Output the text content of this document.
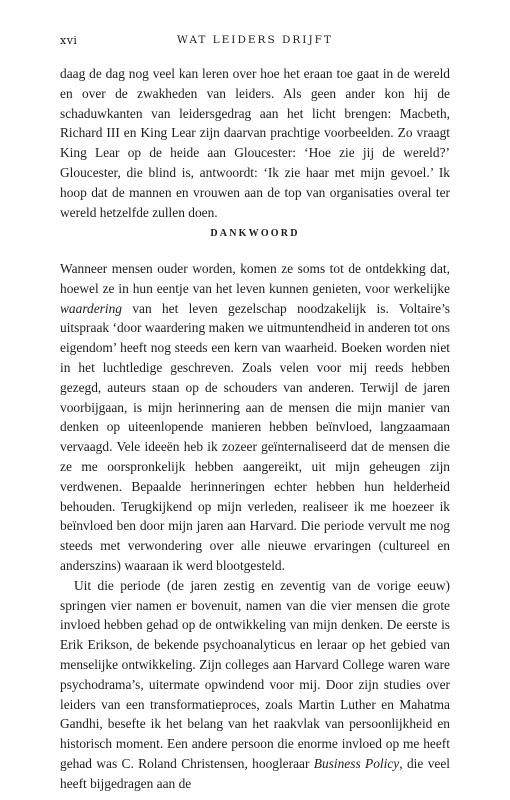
xvi	WAT LEIDERS DRIJFT

daag de dag nog veel kan leren over hoe het eraan toe gaat in de wereld en over de zwakheden van leiders. Als geen ander kon hij de schaduwkanten van leidersgedrag aan het licht brengen: Macbeth, Richard III en King Lear zijn daarvan prachtige voorbeelden. Zo vraagt King Lear op de heide aan Gloucester: ‘Hoe zie jij de wereld?’ Gloucester, die blind is, antwoordt: ‘Ik zie haar met mijn gevoel.’ Ik hoop dat de mannen en vrouwen aan de top van organisaties overal ter wereld hetzelfde zullen doen.

DANKWOORD

Wanneer mensen ouder worden, komen ze soms tot de ontdekking dat, hoewel ze in hun eentje van het leven kunnen genieten, voor werkelijke waardering van het leven gezelschap noodzakelijk is. Voltaire’s uitspraak ‘door waardering maken we uitmuntendheid in anderen tot ons eigendom’ heeft nog steeds een kern van waarheid. Boeken worden niet in het luchtledige geschreven. Zoals velen voor mij reeds hebben gezegd, auteurs staan op de schouders van anderen. Terwijl de jaren voorbijgaan, is mijn herinnering aan de mensen die mijn manier van denken op uiteenlopende manieren hebben beïnvloed, langzaamaan vervaagd. Vele ideeën heb ik zozeer geïnternaliseerd dat de mensen die ze me oorspronkelijk hebben aangereikt, uit mijn geheugen zijn verdwenen. Bepaalde herinneringen echter hebben hun helderheid behouden. Terugkijkend op mijn verleden, realiseer ik me hoezeer ik beïnvloed ben door mijn jaren aan Harvard. Die periode vervult me nog steeds met verwondering over alle nieuwe ervaringen (cultureel en anderszins) waaraan ik werd blootgesteld.

Uit die periode (de jaren zestig en zeventig van de vorige eeuw) springen vier namen er bovenuit, namen van die vier mensen die grote invloed hebben gehad op de ontwikkeling van mijn denken. De eerste is Erik Erikson, de bekende psychoanalyticus en leraar op het gebied van menselijke ontwikkeling. Zijn colleges aan Harvard College waren ware psychodrama’s, uitermate opwindend voor mij. Door zijn studies over leiders van een transformatieproces, zoals Martin Luther en Mahatma Gandhi, besefte ik het belang van het raakvlak van persoonlijkheid en historisch moment. Een andere persoon die enorme invloed op me heeft gehad was C. Roland Christensen, hoogleraar Business Policy, die veel heeft bijgedragen aan de
